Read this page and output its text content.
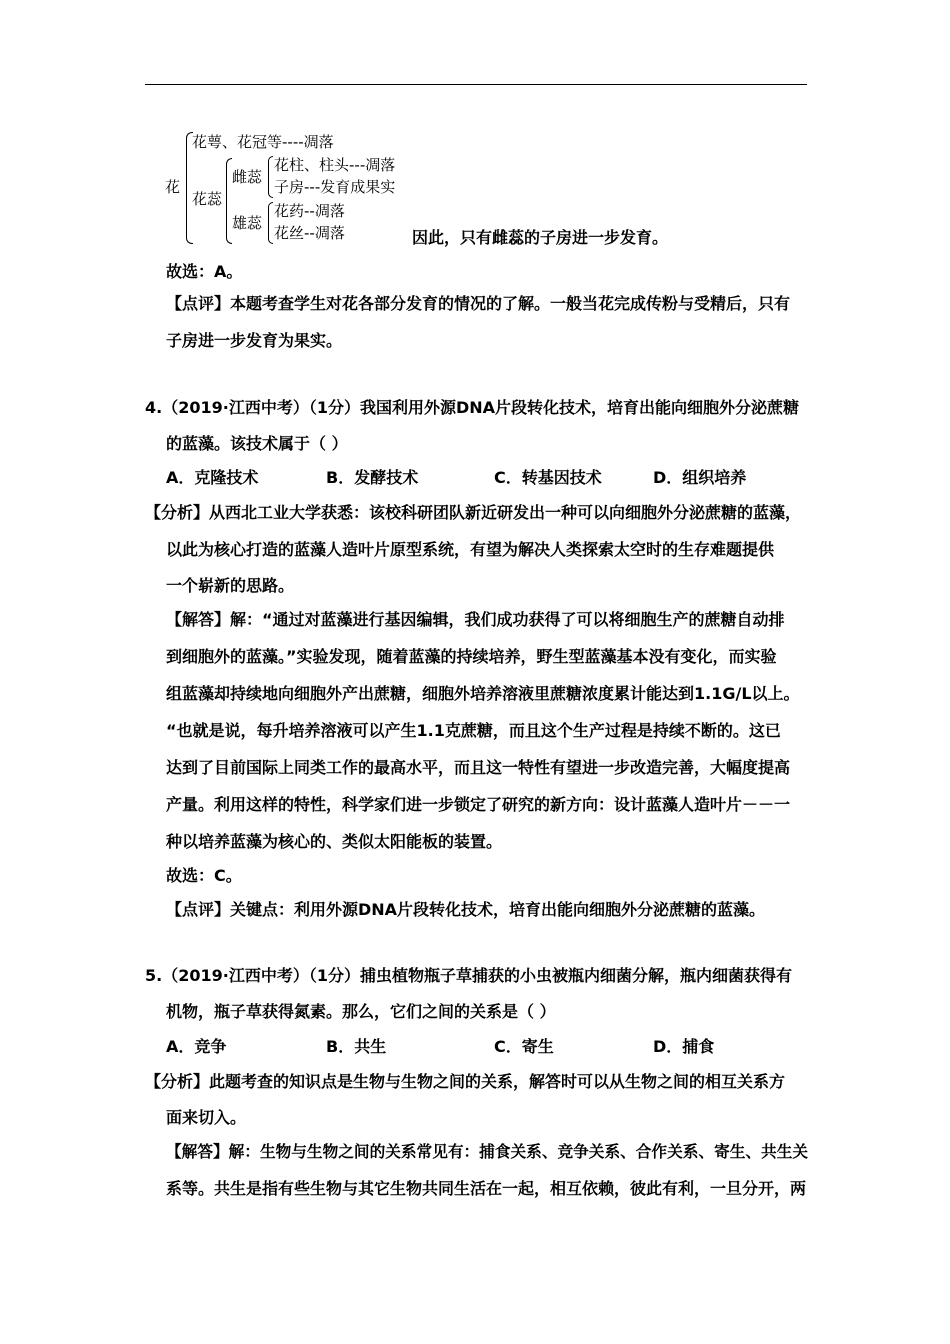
花
花萼、花冠等----凋落
花蕊
雌蕊
花柱、柱头---凋落
子房---发育成果实
雄蕊
花药--凋落
花丝--凋落	因此，只有雌蕊的子房进一步发育。
故选：A。
【点评】本题考查学生对花各部分发育的情况的了解。一般当花完成传粉与受精后，只有
子房进一步发育为果实。
4.（2019·江西中考）（1分）我国利用外源DNA片段转化技术，培育出能向细胞外分泌蔗糖
的蓝藻。该技术属于（ ）
A．克隆技术	B．发酵技术	C．转基因技术	D．组织培养
【分析】从西北工业大学获悉：该校科研团队新近研发出一种可以向细胞外分泌蔗糖的蓝藻，
以此为核心打造的蓝藻人造叶片原型系统，有望为解决人类探索太空时的生存难题提供
一个崭新的思路。
【解答】解：“通过对蓝藻进行基因编辑，我们成功获得了可以将细胞生产的蔗糖自动排
到细胞外的蓝藻。”实验发现，随着蓝藻的持续培养，野生型蓝藻基本没有变化，而实验
组蓝藻却持续地向细胞外产出蔗糖，细胞外培养溶液里蔗糖浓度累计能达到1.1G/L以上。
“也就是说，每升培养溶液可以产生1.1克蔗糖，而且这个生产过程是持续不断的。这已
达到了目前国际上同类工作的最高水平，而且这一特性有望进一步改造完善，大幅度提高
产量。利用这样的特性，科学家们进一步锁定了研究的新方向：设计蓝藻人造叶片－－一
种以培养蓝藻为核心的、类似太阳能板的装置。
故选：C。
【点评】关键点：利用外源DNA片段转化技术，培育出能向细胞外分泌蔗糖的蓝藻。
5.（2019·江西中考）（1分）捕虫植物瓶子草捕获的小虫被瓶内细菌分解，瓶内细菌获得有
机物，瓶子草获得氮素。那么，它们之间的关系是（ ）
A．竞争	B．共生	C．寄生	D．捕食
【分析】此题考查的知识点是生物与生物之间的关系，解答时可以从生物之间的相互关系方
面来切入。
【解答】解：生物与生物之间的关系常见有：捕食关系、竞争关系、合作关系、寄生、共生关
系等。共生是指有些生物与其它生物共同生活在一起，相互依赖，彼此有利，一旦分开，两
